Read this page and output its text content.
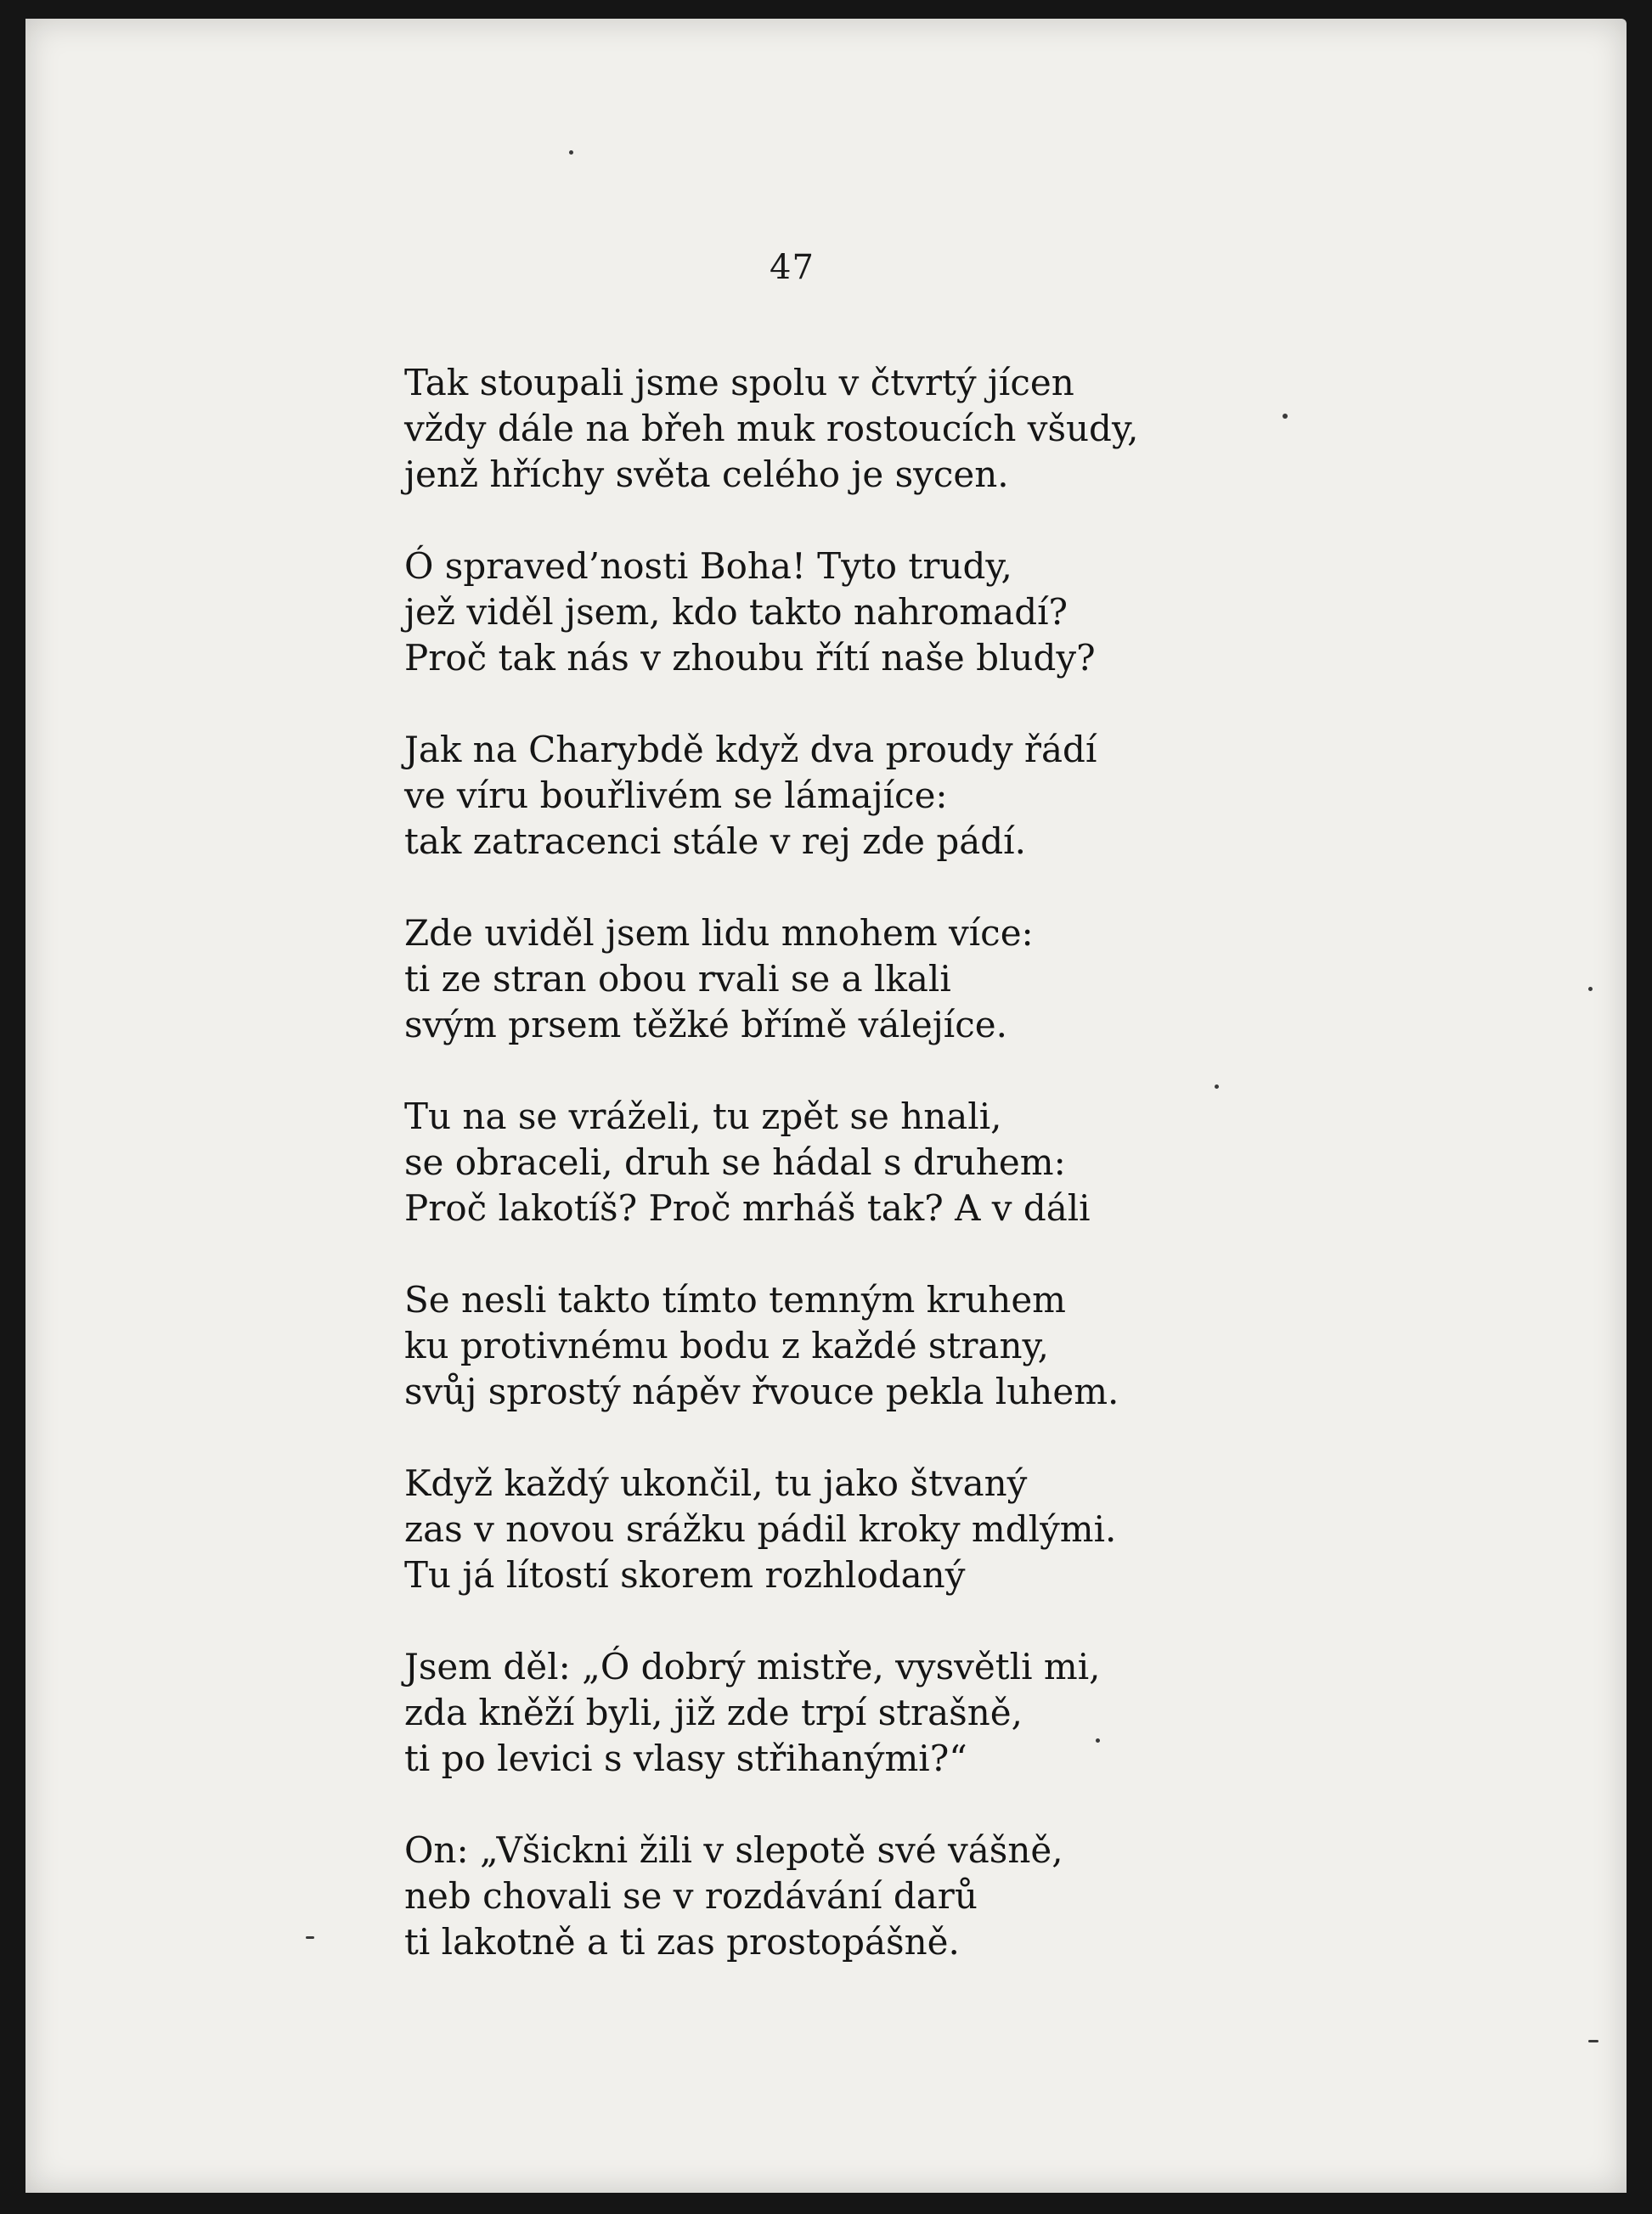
47
Tak stoupali jsme spolu v čtvrtý jícen
vždy dále na břeh muk rostoucích všudy,
jenž hříchy světa celého je sycen.
Ó spraved’nosti Boha! Tyto trudy,
jež viděl jsem, kdo takto nahromadí?
Proč tak nás v zhoubu řítí naše bludy?
Jak na Charybdě když dva proudy řádí
ve víru bouřlivém se lámajíce:
tak zatracenci stále v rej zde pádí.
Zde uviděl jsem lidu mnohem více:
ti ze stran obou rvali se a lkali
svým prsem těžké břímě válejíce.
Tu na se vráželi, tu zpět se hnali,
se obraceli, druh se hádal s druhem:
Proč lakotíš? Proč mrháš tak? A v dáli
Se nesli takto tímto temným kruhem
ku protivnému bodu z každé strany,
svůj sprostý nápěv řvouce pekla luhem.
Když každý ukončil, tu jako štvaný
zas v novou srážku pádil kroky mdlými.
Tu já lítostí skorem rozhlodaný
Jsem děl: „Ó dobrý mistře, vysvětli mi,
zda kněží byli, již zde trpí strašně,
ti po levici s vlasy střihanými?“
On: „Všickni žili v slepotě své vášně,
neb chovali se v rozdávání darů
ti lakotně a ti zas prostopášně.
